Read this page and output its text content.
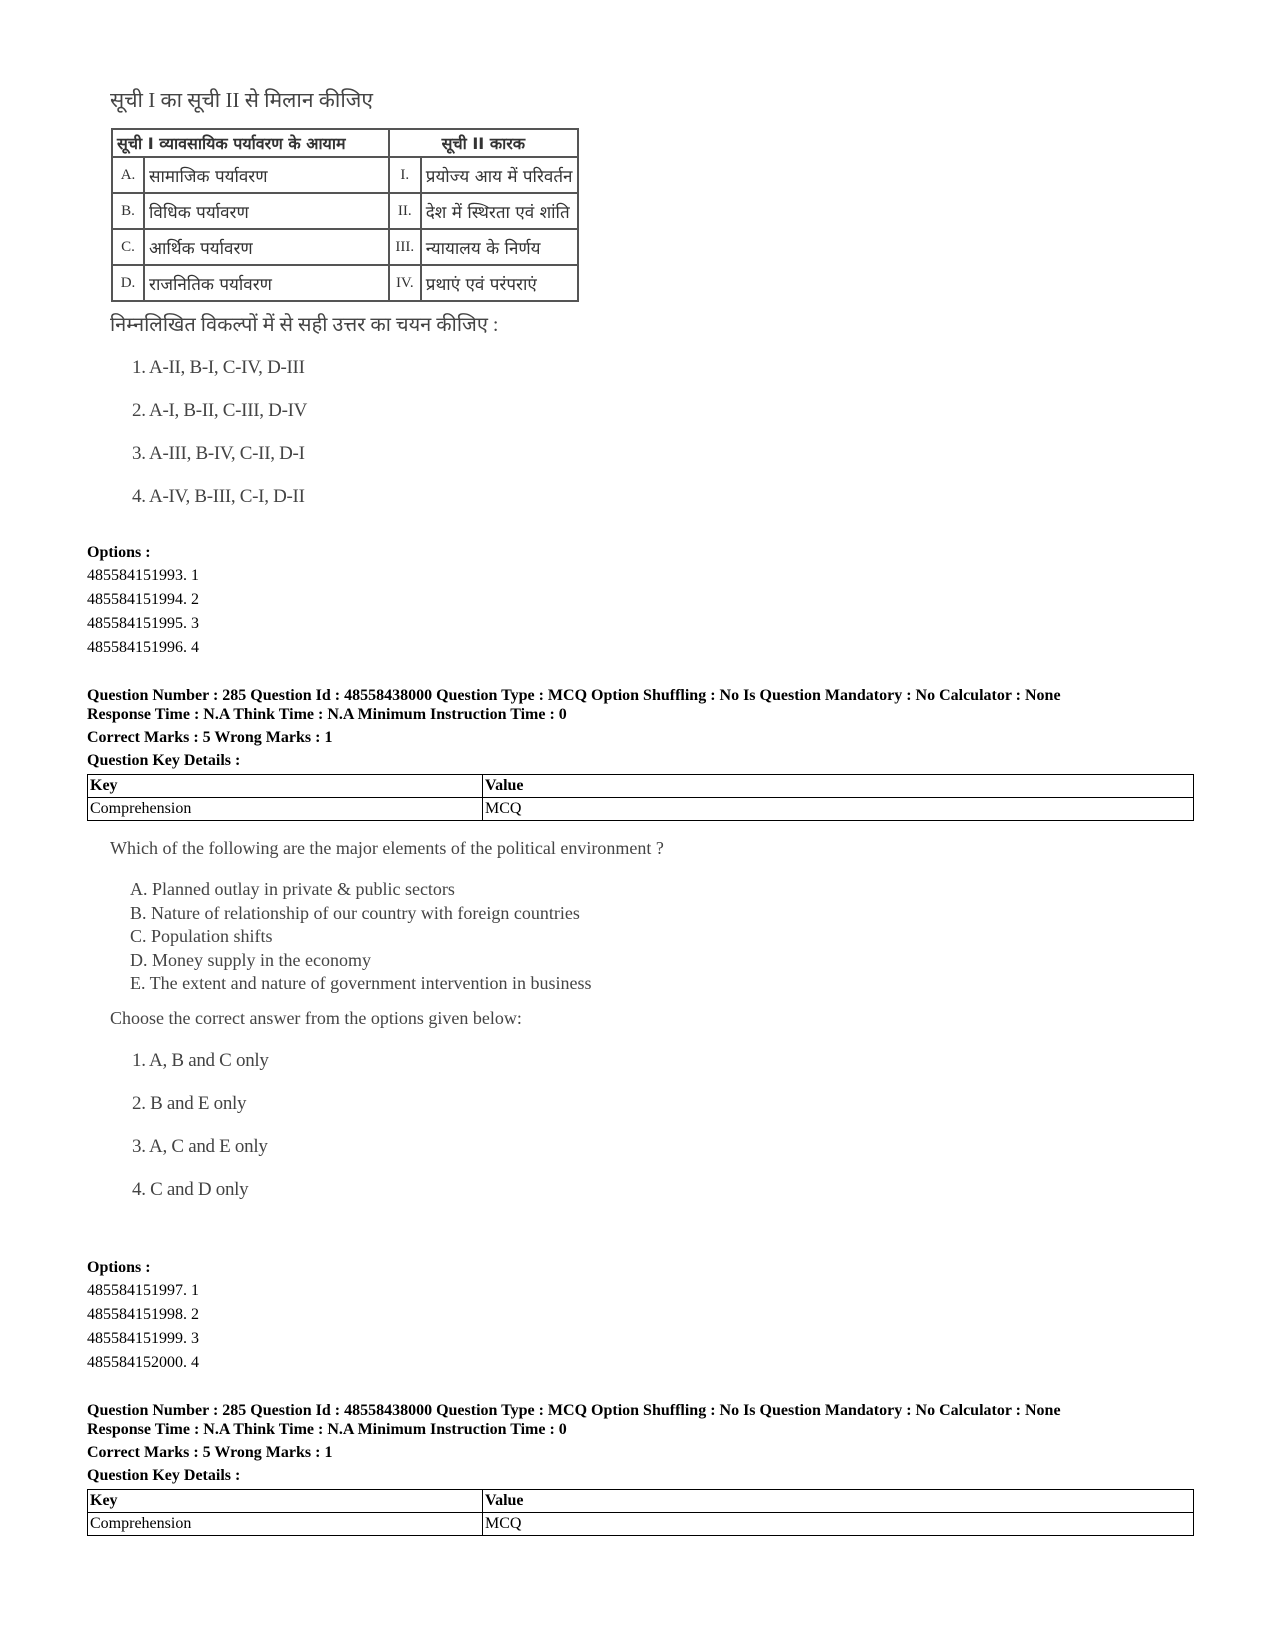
सूची I का सूची II से मिलान कीजिए
सूची I व्यावसायिक पर्यावरण के आयाम		सूची II कारक	
A.	सामाजिक पर्यावरण	I.	प्रयोज्य आय में परिवर्तन
B.	विधिक पर्यावरण	II.	देश में स्थिरता एवं शांति
C.	आर्थिक पर्यावरण	III.	न्यायालय के निर्णय
D.	राजनितिक पर्यावरण	IV.	प्रथाएं एवं परंपराएं
निम्नलिखित विकल्पों में से सही उत्तर का चयन कीजिए :
1. A-II, B-I, C-IV, D-III
2. A-I, B-II, C-III, D-IV
3. A-III, B-IV, C-II, D-I
4. A-IV, B-III, C-I, D-II
Options :
485584151993. 1
485584151994. 2
485584151995. 3
485584151996. 4
Question Number : 285 Question Id : 48558438000 Question Type : MCQ Option Shuffling : No Is Question Mandatory : No Calculator : None
Response Time : N.A Think Time : N.A Minimum Instruction Time : 0
Correct Marks : 5 Wrong Marks : 1
Question Key Details :
Key	Value
Comprehension	MCQ
Which of the following are the major elements of the political environment ?
A. Planned outlay in private & public sectors
B. Nature of relationship of our country with foreign countries
C. Population shifts
D. Money supply in the economy
E. The extent and nature of government intervention in business
Choose the correct answer from the options given below:
1. A, B and C only
2. B and E only
3. A, C and E only
4. C and D only
Options :
485584151997. 1
485584151998. 2
485584151999. 3
485584152000. 4
Question Number : 285 Question Id : 48558438000 Question Type : MCQ Option Shuffling : No Is Question Mandatory : No Calculator : None
Response Time : N.A Think Time : N.A Minimum Instruction Time : 0
Correct Marks : 5 Wrong Marks : 1
Question Key Details :
Key	Value
Comprehension	MCQ
